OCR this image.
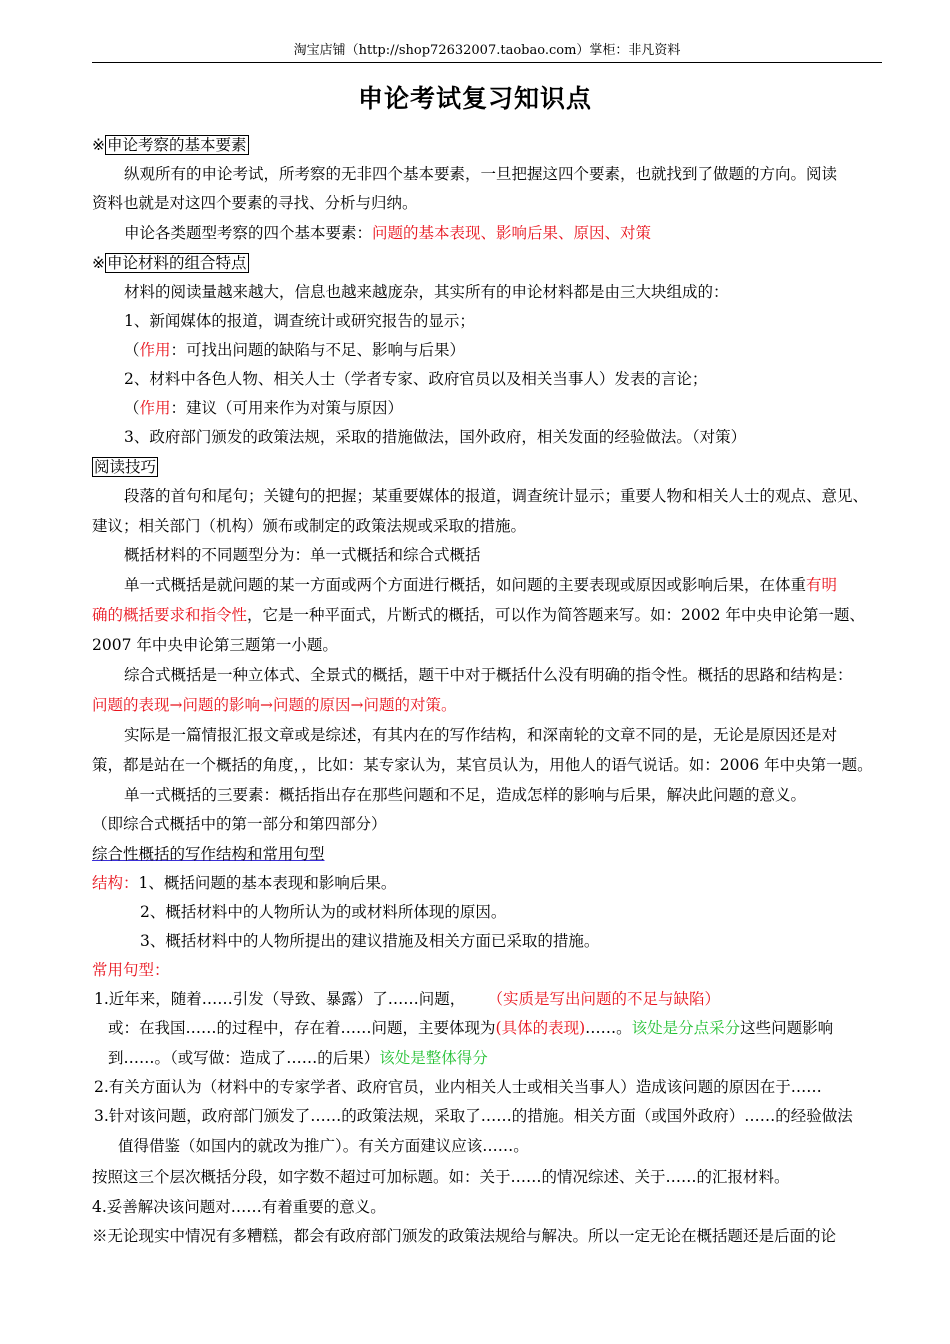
淘宝店铺（http://shop72632007.taobao.com）掌柜：非凡资料
申论考试复习知识点
※ 申论考察的基本要素
纵观所有的申论考试，所考察的无非四个基本要素，一旦把握这四个要素，也就找到了做题的方向。阅读
资料也就是对这四个要素的寻找、分析与归纳。
申论各类题型考察的四个基本要素：问题的基本表现、影响后果、原因、对策
※ 申论材料的组合特点
材料的阅读量越来越大，信息也越来越庞杂，其实所有的申论材料都是由三大块组成的：
1、新闻媒体的报道，调查统计或研究报告的显示；
（作用：可找出问题的缺陷与不足、影响与后果）
2、材料中各色人物、相关人士（学者专家、政府官员以及相关当事人）发表的言论；
（作用：建议（可用来作为对策与原因）
3、政府部门颁发的政策法规，采取的措施做法，国外政府，相关发面的经验做法。（对策）
阅读技巧
段落的首句和尾句；关键句的把握；某重要媒体的报道，调查统计显示；重要人物和相关人士的观点、意见、
建议；相关部门（机构）颁布或制定的政策法规或采取的措施。
概括材料的不同题型分为：单一式概括和综合式概括
单一式概括是就问题的某一方面或两个方面进行概括，如问题的主要表现或原因或影响后果，在体重有明
确的概括要求和指令性，它是一种平面式，片断式的概括，可以作为简答题来写。如：2002 年中央申论第一题、
2007 年中央申论第三题第一小题。
综合式概括是一种立体式、全景式的概括，题干中对于概括什么没有明确的指令性。概括的思路和结构是：
问题的表现→问题的影响→问题的原因→问题的对策。
实际是一篇情报汇报文章或是综述，有其内在的写作结构，和深南轮的文章不同的是，无论是原因还是对
策，都是站在一个概括的角度，，比如：某专家认为，某官员认为，用他人的语气说话。如：2006 年中央第一题。
单一式概括的三要素：概括指出存在那些问题和不足，造成怎样的影响与后果，解决此问题的意义。
（即综合式概括中的第一部分和第四部分）
综合性概括的写作结构和常用句型
结构：1、概括问题的基本表现和影响后果。
2、概括材料中的人物所认为的或材料所体现的原因。
3、概括材料中的人物所提出的建议措施及相关方面已采取的措施。
常用句型：
1.近年来，随着……引发（导致、暴露）了……问题， （实质是写出问题的不足与缺陷）
或：在我国……的过程中，存在着……问题，主要体现为(具体的表现)……。该处是分点采分这些问题影响
到……。（或写做：造成了……的后果）该处是整体得分
2.有关方面认为（材料中的专家学者、政府官员，业内相关人士或相关当事人）造成该问题的原因在于……
3.针对该问题，政府部门颁发了……的政策法规，采取了……的措施。相关方面（或国外政府）……的经验做法
值得借鉴（如国内的就改为推广）。有关方面建议应该……。
按照这三个层次概括分段，如字数不超过可加标题。如：关于……的情况综述、关于……的汇报材料。
4.妥善解决该问题对……有着重要的意义。
※无论现实中情况有多糟糕，都会有政府部门颁发的政策法规给与解决。所以一定无论在概括题还是后面的论
